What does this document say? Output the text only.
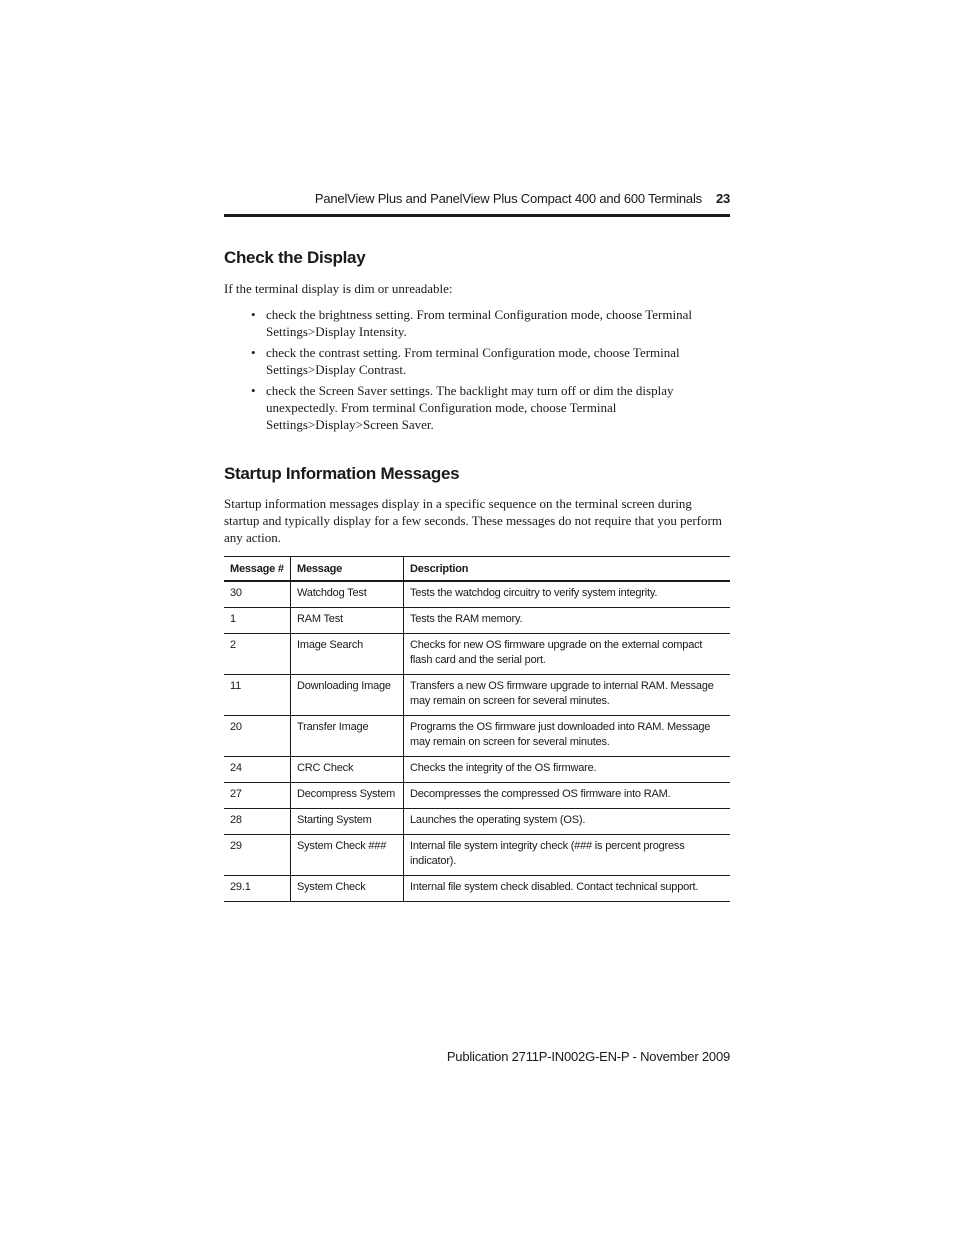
PanelView Plus and PanelView Plus Compact 400 and 600 Terminals 23
Check the Display

If the terminal display is dim or unreadable:

• check the brightness setting. From terminal Configuration mode, choose Terminal Settings>Display Intensity.
• check the contrast setting. From terminal Configuration mode, choose Terminal Settings>Display Contrast.
• check the Screen Saver settings. The backlight may turn off or dim the display unexpectedly. From terminal Configuration mode, choose Terminal Settings>Display>Screen Saver.
Startup Information Messages

Startup information messages display in a specific sequence on the terminal screen during startup and typically display for a few seconds. These messages do not require that you perform any action.

Message #	Message	Description
30	Watchdog Test	Tests the watchdog circuitry to verify system integrity.
1	RAM Test	Tests the RAM memory.
2	Image Search	Checks for new OS firmware upgrade on the external compact flash card and the serial port.
11	Downloading Image	Transfers a new OS firmware upgrade to internal RAM. Message may remain on screen for several minutes.
20	Transfer Image	Programs the OS firmware just downloaded into RAM. Message may remain on screen for several minutes.
24	CRC Check	Checks the integrity of the OS firmware.
27	Decompress System	Decompresses the compressed OS firmware into RAM.
28	Starting System	Launches the operating system (OS).
29	System Check ###	Internal file system integrity check (### is percent progress indicator).
29.1	System Check	Internal file system check disabled. Contact technical support.
Publication 2711P-IN002G-EN-P - November 2009
